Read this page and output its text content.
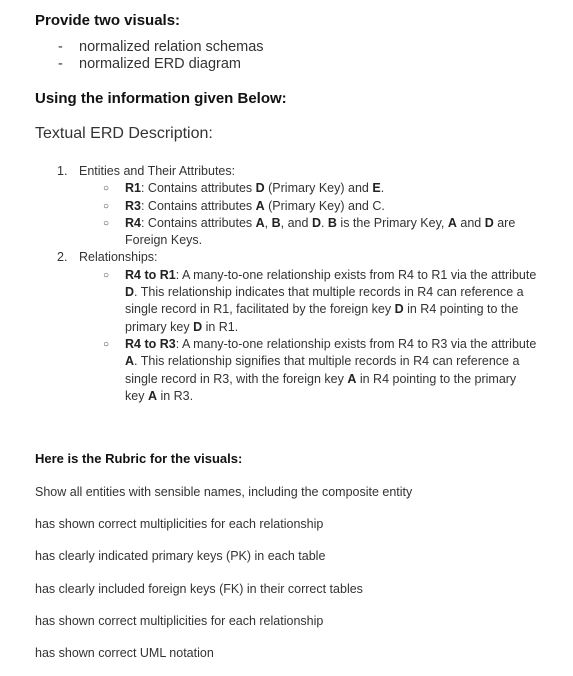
Provide two visuals:
-	normalized relation schemas
-	normalized ERD diagram
Using the information given Below:
Textual ERD Description:
1. Entities and Their Attributes:
○	R1: Contains attributes D (Primary Key) and E.
○	R3: Contains attributes A (Primary Key) and C.
○	R4: Contains attributes A, B, and D. B is the Primary Key, A and D are Foreign Keys.
2. Relationships:
○	R4 to R1: A many-to-one relationship exists from R4 to R1 via the attribute D. This relationship indicates that multiple records in R4 can reference a single record in R1, facilitated by the foreign key D in R4 pointing to the primary key D in R1.
○	R4 to R3: A many-to-one relationship exists from R4 to R3 via the attribute A. This relationship signifies that multiple records in R4 can reference a single record in R3, with the foreign key A in R4 pointing to the primary key A in R3.
Here is the Rubric for the visuals:
Show all entities with sensible names, including the composite entity
has shown correct multiplicities for each relationship
has clearly indicated primary keys (PK) in each table
has clearly included foreign keys (FK) in their correct tables
has shown correct multiplicities for each relationship
has shown correct UML notation
